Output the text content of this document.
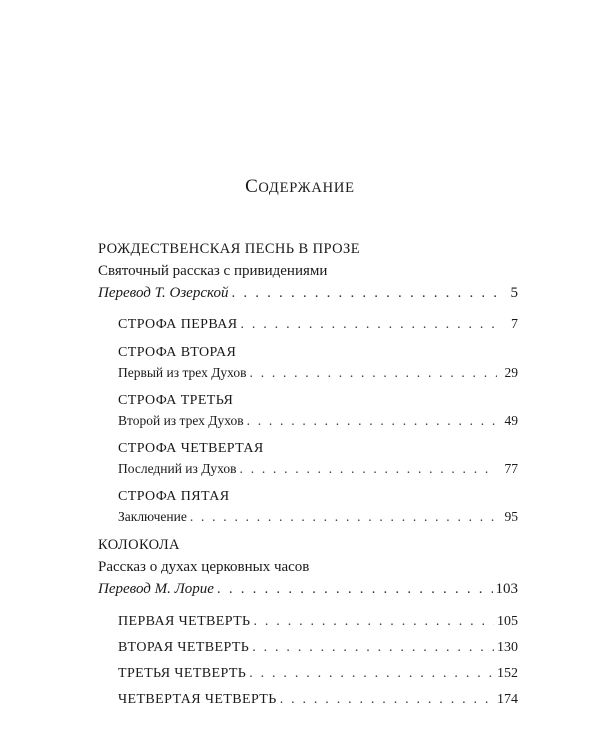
СОДЕРЖАНИЕ
РОЖДЕСТВЕНСКАЯ ПЕСНЬ В ПРОЗЕ
Святочный рассказ с привидениями
Перевод Т. Озерской . . .	5
СТРОФА ПЕРВАЯ . . .	7
СТРОФА ВТОРАЯ
Первый из трех Духов . . .	29
СТРОФА ТРЕТЬЯ
Второй из трех Духов . . .	49
СТРОФА ЧЕТВЕРТАЯ
Последний из Духов . . .	77
СТРОФА ПЯТАЯ
Заключение . . .	95
КОЛОКОЛА
Рассказ о духах церковных часов
Перевод М. Лорие . . .	103
ПЕРВАЯ ЧЕТВЕРТЬ . . .	105
ВТОРАЯ ЧЕТВЕРТЬ . . .	130
ТРЕТЬЯ ЧЕТВЕРТЬ . . .	152
ЧЕТВЕРТАЯ ЧЕТВЕРТЬ . . .	174
